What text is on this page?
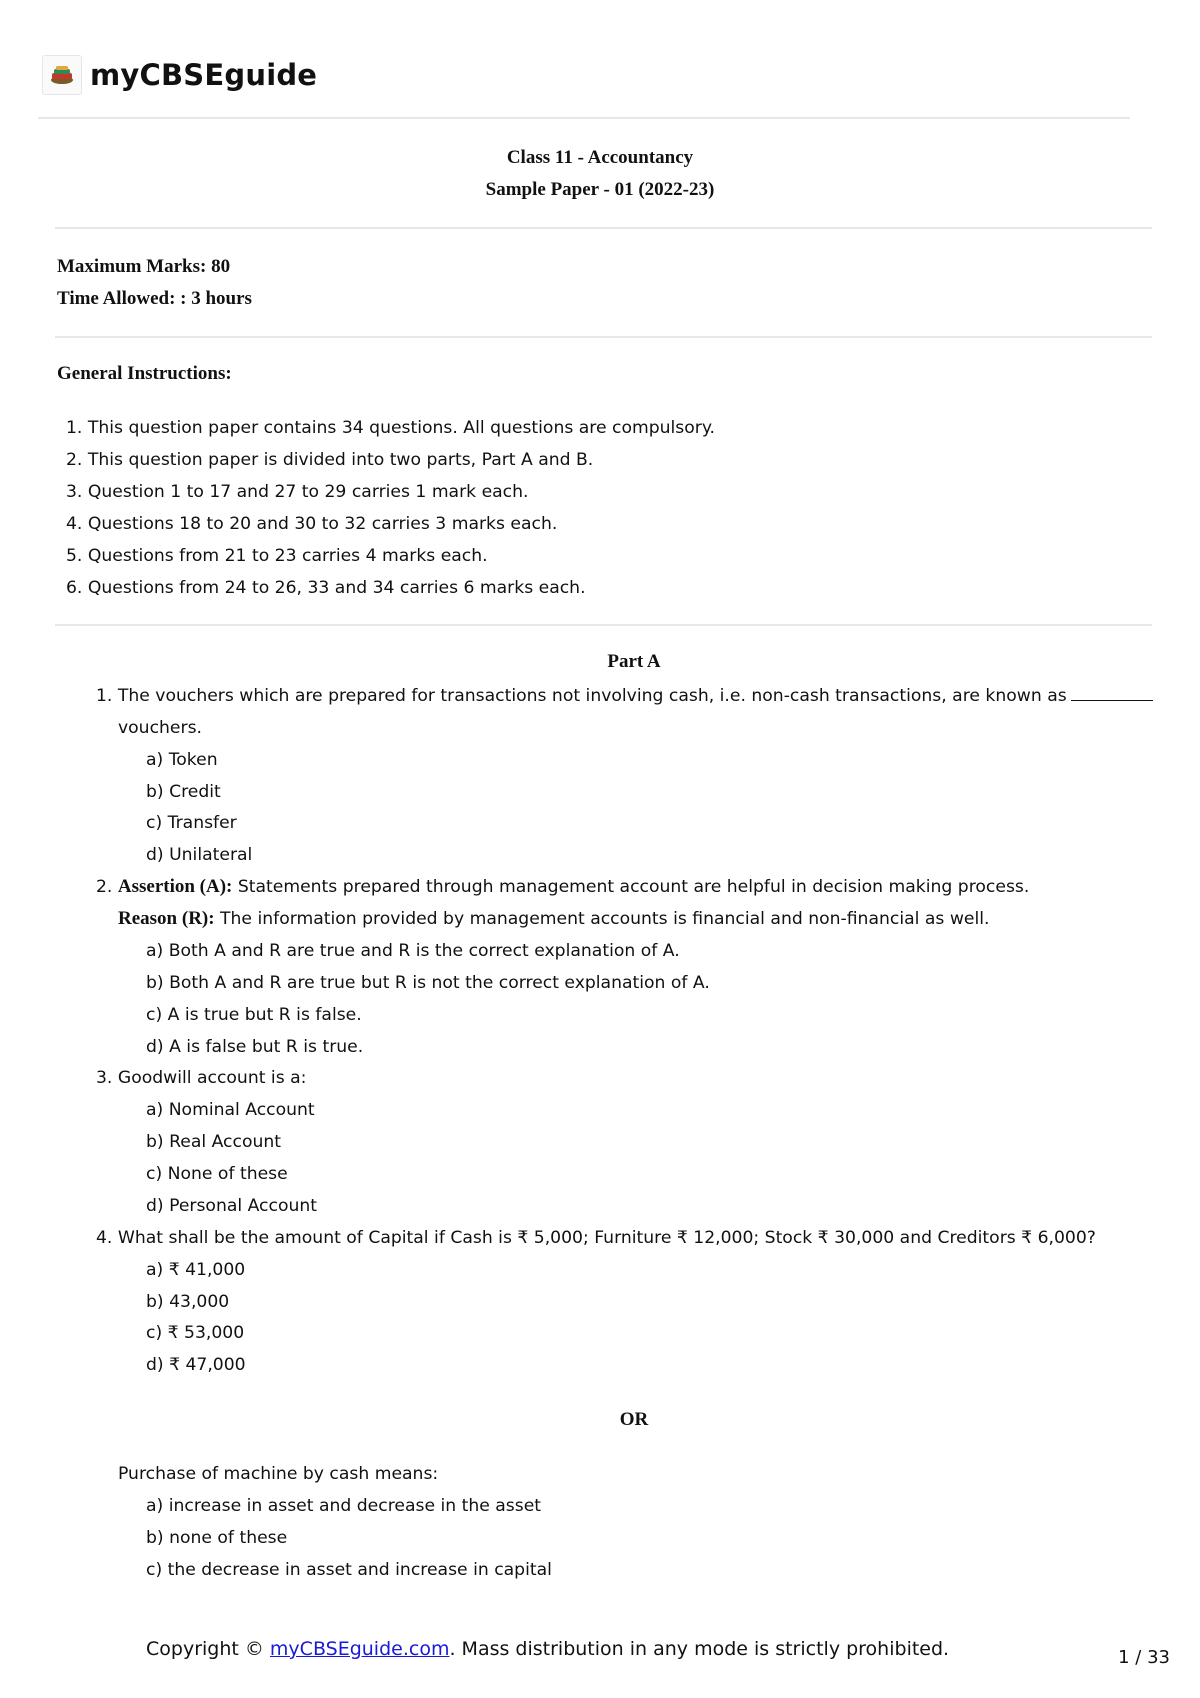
myCBSEguide
Class 11 - Accountancy
Sample Paper - 01 (2022-23)
Maximum Marks: 80
Time Allowed: : 3 hours
General Instructions:
1. This question paper contains 34 questions. All questions are compulsory.
2. This question paper is divided into two parts, Part A and B.
3. Question 1 to 17 and 27 to 29 carries 1 mark each.
4. Questions 18 to 20 and 30 to 32 carries 3 marks each.
5. Questions from 21 to 23 carries 4 marks each.
6. Questions from 24 to 26, 33 and 34 carries 6 marks each.
Part A
1. The vouchers which are prepared for transactions not involving cash, i.e. non-cash transactions, are known as
vouchers.
a) Token
b) Credit
c) Transfer
d) Unilateral
2. Assertion (A): Statements prepared through management account are helpful in decision making process.
Reason (R): The information provided by management accounts is financial and non-financial as well.
a) Both A and R are true and R is the correct explanation of A.
b) Both A and R are true but R is not the correct explanation of A.
c) A is true but R is false.
d) A is false but R is true.
3. Goodwill account is a:
a) Nominal Account
b) Real Account
c) None of these
d) Personal Account
4. What shall be the amount of Capital if Cash is ₹ 5,000; Furniture ₹ 12,000; Stock ₹ 30,000 and Creditors ₹ 6,000?
a) ₹ 41,000
b) 43,000
c) ₹ 53,000
d) ₹ 47,000
OR
Purchase of machine by cash means:
a) increase in asset and decrease in the asset
b) none of these
c) the decrease in asset and increase in capital
Copyright © myCBSEguide.com. Mass distribution in any mode is strictly prohibited.	1 / 33
